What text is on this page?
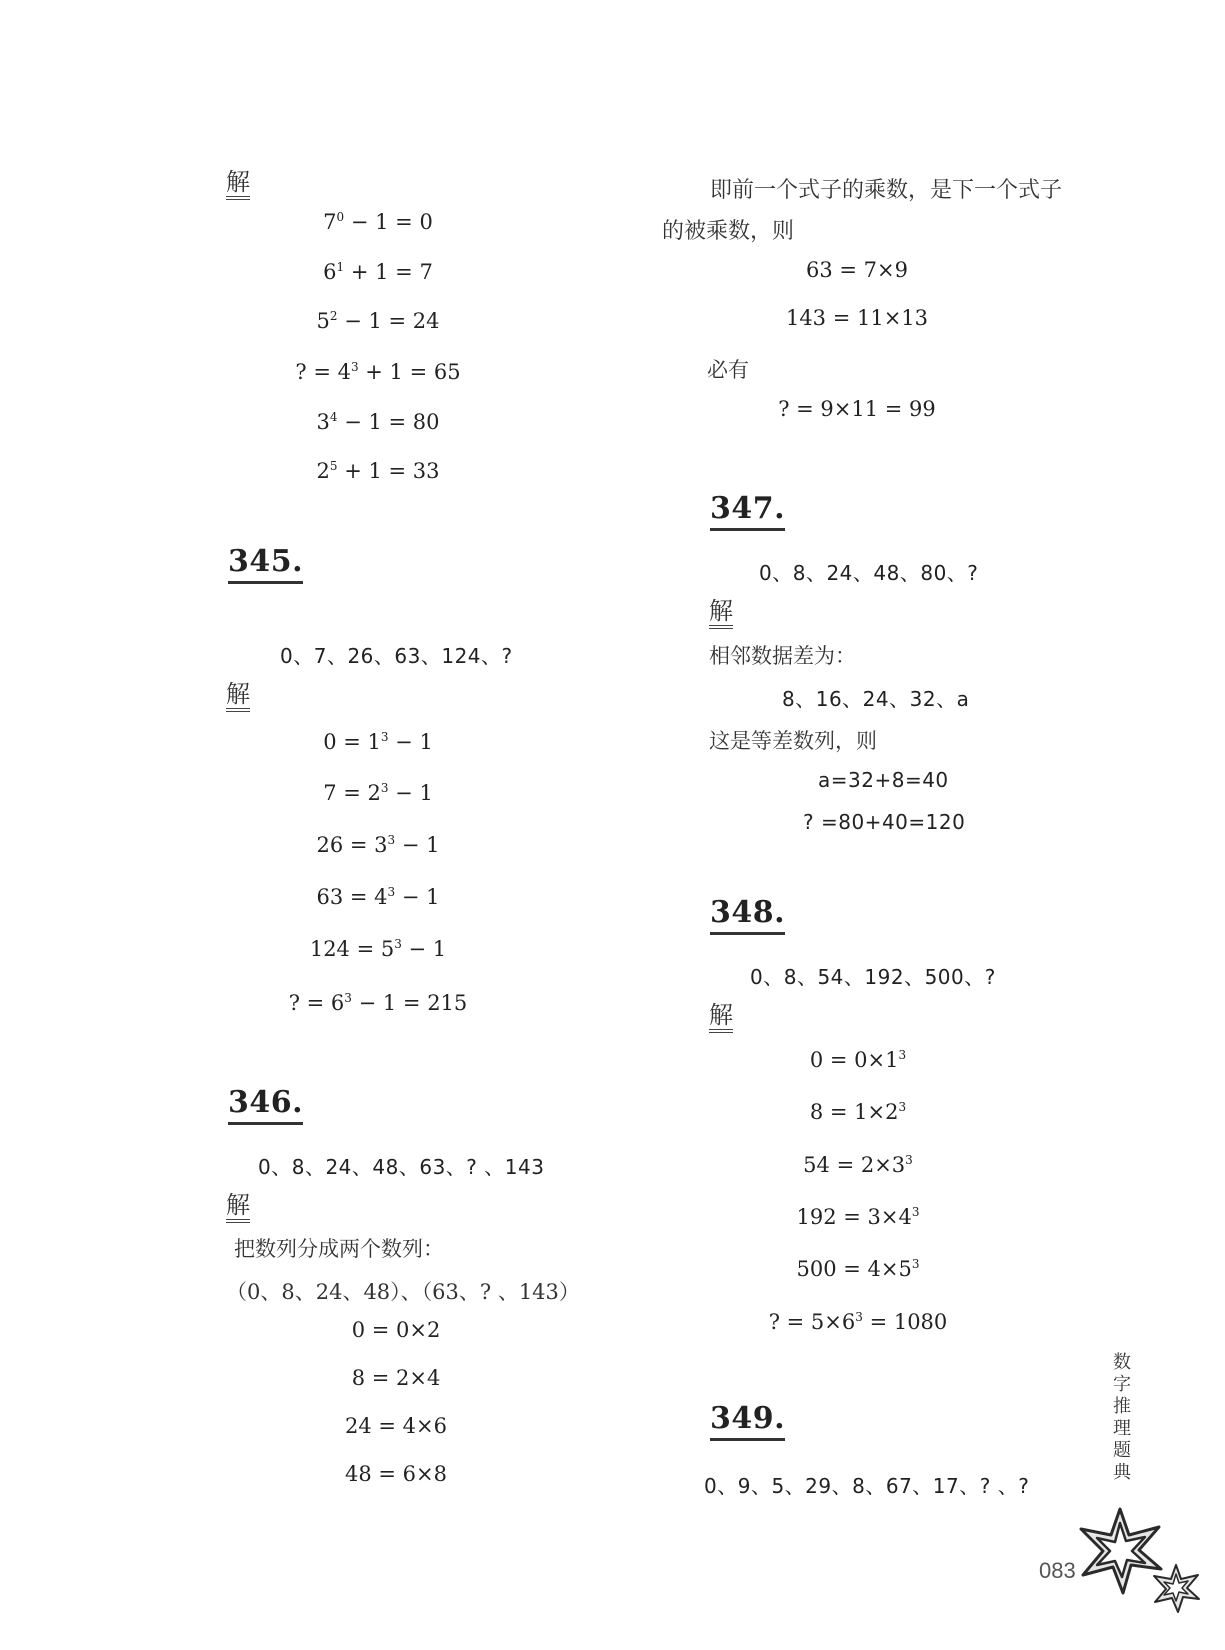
解
$7^0 - 1 = 0$
$6^1 + 1 = 7$
$5^2 - 1 = 24$
? = $4^3 + 1 = 65$
$3^4 - 1 = 80$
$2^5 + 1 = 33$
345.
0、7、26、63、124、?
解
$0 = 1^3 - 1$
$7 = 2^3 - 1$
$26 = 3^3 - 1$
$63 = 4^3 - 1$
$124 = 5^3 - 1$
? = $6^3 - 1 = 215$
346.
0、8、24、48、63、? 、143
解
把数列分成两个数列：
（0、8、24、48）、（63、? 、143）
0 = 0×2
8 = 2×4
24 = 4×6
48 = 6×8
即前一个式子的乘数，是下一个式子
的被乘数，则
63 = 7×9
143 = 11×13
必有
? = 9×11 = 99
347.
0、8、24、48、80、?
解
相邻数据差为：
8、16、24、32、a
这是等差数列，则
a=32+8=40
? =80+40=120
348.
0、8、54、192、500、?
解
$0 = 0\times 1^3$
$8 = 1\times 2^3$
$54 = 2\times 3^3$
$192 = 3\times 4^3$
$500 = 4\times 5^3$
? = $5\times 6^3 = 1080$
349.
0、9、5、29、8、67、17、? 、?
数
字
推
理
题
典
083
